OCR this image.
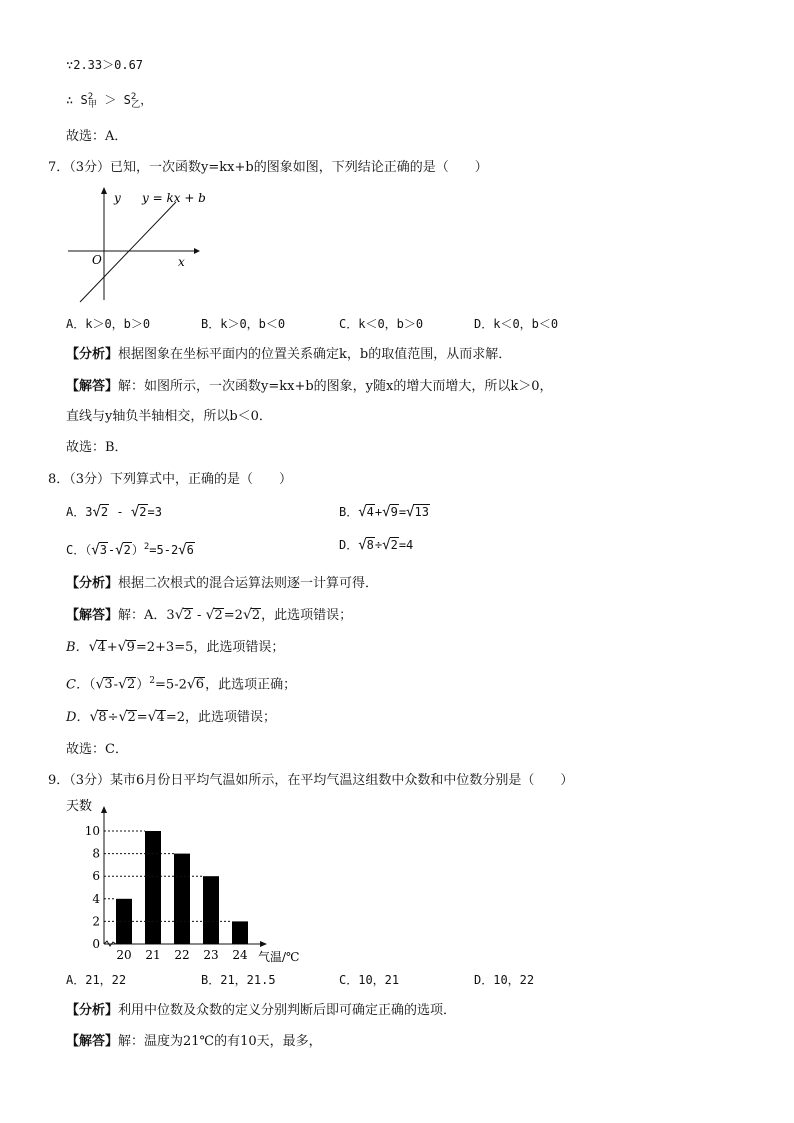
∵2.33＞0.67
∴ $S^2_甲 > S^2_乙$，
故选：A．
7．（3分）已知，一次函数y=kx+b的图象如图，下列结论正确的是（　　）
y y = kx + b
O	x
A．k＞0，b＞0	B．k＞0，b＜0	C．k＜0，b＞0	D．k＜0，b＜0
【分析】根据图象在坐标平面内的位置关系确定k，b的取值范围，从而求解．
【解答】解：如图所示，一次函数y=kx+b的图象，y随x的增大而增大，所以k＞0，
直线与y轴负半轴相交，所以b＜0．
故选：B．
8．（3分）下列算式中，正确的是（　　）
A．3√2 - √2=3	B．√4+√9=√13
C．$(√3-√2)^2=5-2√6$	D．√8÷√2=4
【分析】根据二次根式的混合运算法则逐一计算可得．
【解答】解：A．3√2 - √2=2√2，此选项错误；
B．√4+√9=2+3=5，此选项错误；
C．$(√3-√2)^2=5-2√6$，此选项正确；
D．√8÷√2=√4=2，此选项错误；
故选：C．
9．（3分）某市6月份日平均气温如所示，在平均气温这组数中众数和中位数分别是（　　）
天数
0
2
4
6
8
10
20 21 22 23 24 气温/℃
A．21，22	B．21，21.5	C．10，21	D．10，22
【分析】利用中位数及众数的定义分别判断后即可确定正确的选项．
【解答】解：温度为21℃的有10天，最多，
